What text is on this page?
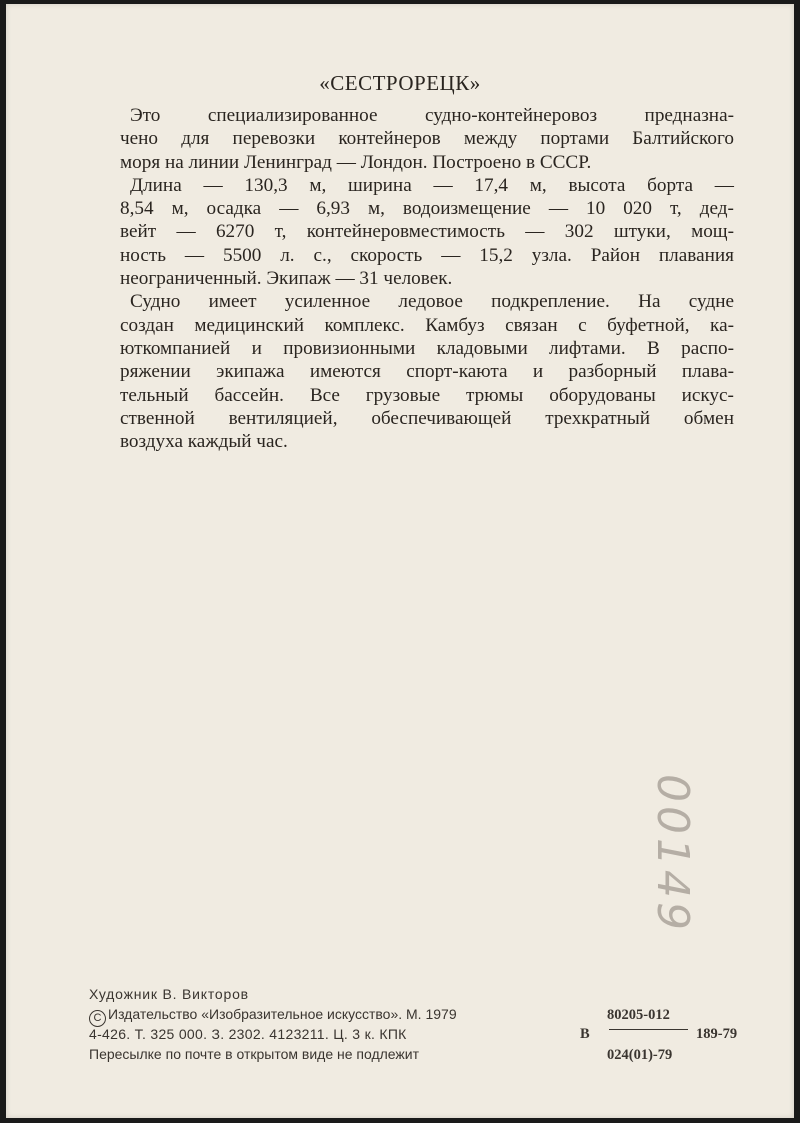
«СЕСТРОРЕЦК»
Это специализированное судно-контейнеровоз предназна-
чено для перевозки контейнеров между портами Балтийского
моря на линии Ленинград — Лондон. Построено в СССР.
Длина — 130,3 м, ширина — 17,4 м, высота борта —
8,54 м, осадка — 6,93 м, водоизмещение — 10 020 т, дед-
вейт — 6270 т, контейнеровместимость — 302 штуки, мощ-
ность — 5500 л. с., скорость — 15,2 узла. Район плавания
неограниченный. Экипаж — 31 человек.
Судно имеет усиленное ледовое подкрепление. На судне
создан медицинский комплекс. Камбуз связан с буфетной, ка-
юткомпанией и провизионными кладовыми лифтами. В распо-
ряжении экипажа имеются спорт-каюта и разборный плава-
тельный бассейн. Все грузовые трюмы оборудованы искус-
ственной вентиляцией, обеспечивающей трехкратный обмен
воздуха каждый час.
00149
Художник В. Викторов
C Издательство «Изобразительное искусство». М. 1979
4-426. Т. 325 000. З. 2302. 4123211. Ц. 3 к. КПК
Пересылке по почте в открытом виде не подлежит
80205-012
В	189-79
024(01)-79
